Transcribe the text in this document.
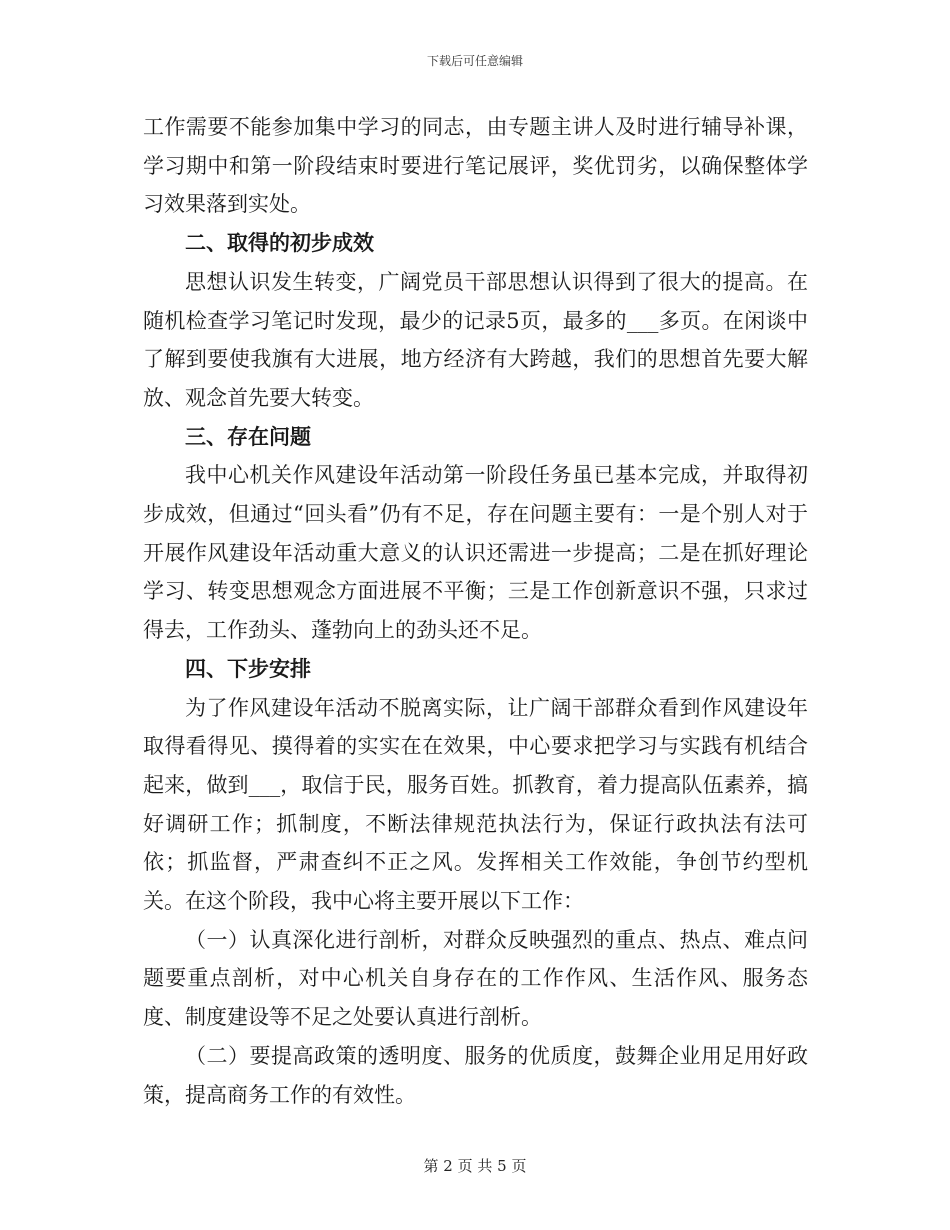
下载后可任意编辑

工作需要不能参加集中学习的同志，由专题主讲人及时进行辅导补课，学习期中和第一阶段结束时要进行笔记展评，奖优罚劣，以确保整体学习效果落到实处。

二、取得的初步成效

思想认识发生转变，广阔党员干部思想认识得到了很大的提高。在随机检查学习笔记时发现，最少的记录5页，最多的___多页。在闲谈中了解到要使我旗有大进展，地方经济有大跨越，我们的思想首先要大解放、观念首先要大转变。

三、存在问题

我中心机关作风建设年活动第一阶段任务虽已基本完成，并取得初步成效，但通过“回头看”仍有不足，存在问题主要有：一是个别人对于开展作风建设年活动重大意义的认识还需进一步提高；二是在抓好理论学习、转变思想观念方面进展不平衡；三是工作创新意识不强，只求过得去，工作劲头、蓬勃向上的劲头还不足。

四、下步安排

为了作风建设年活动不脱离实际，让广阔干部群众看到作风建设年取得看得见、摸得着的实实在在效果，中心要求把学习与实践有机结合起来，做到___，取信于民，服务百姓。抓教育，着力提高队伍素养，搞好调研工作；抓制度，不断法律规范执法行为，保证行政执法有法可依；抓监督，严肃查纠不正之风。发挥相关工作效能，争创节约型机关。在这个阶段，我中心将主要开展以下工作：

（一）认真深化进行剖析，对群众反映强烈的重点、热点、难点问题要重点剖析，对中心机关自身存在的工作作风、生活作风、服务态度、制度建设等不足之处要认真进行剖析。

（二）要提高政策的透明度、服务的优质度，鼓舞企业用足用好政策，提高商务工作的有效性。

第 2 页 共 5 页
